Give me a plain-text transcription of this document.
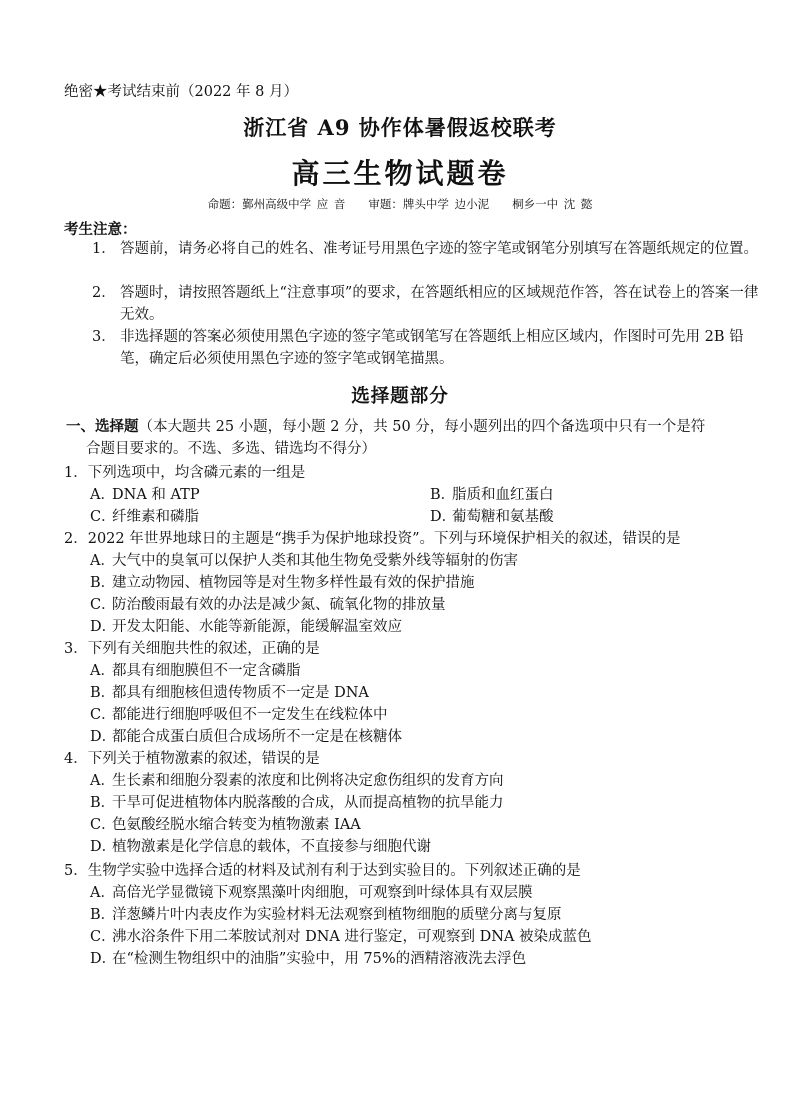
绝密★考试结束前（2022 年 8 月）
浙江省 A9 协作体暑假返校联考
高三生物试题卷
命题：鄞州高级中学 应 音　　审题：牌头中学 边小泥　　桐乡一中 沈 懿
考生注意：
1． 答题前，请务必将自己的姓名、准考证号用黑色字迹的签字笔或钢笔分别填写在答题纸规定的位置。
2． 答题时，请按照答题纸上“注意事项”的要求，在答题纸相应的区域规范作答，答在试卷上的答案一律无效。
3． 非选择题的答案必须使用黑色字迹的签字笔或钢笔写在答题纸上相应区域内，作图时可先用 2B 铅笔，确定后必须使用黑色字迹的签字笔或钢笔描黑。
选择题部分
一、选择题（本大题共 25 小题，每小题 2 分，共 50 分，每小题列出的四个备选项中只有一个是符
合题目要求的。不选、多选、错选均不得分）
1．下列选项中，均含磷元素的一组是
A．DNA 和 ATP	B．脂质和血红蛋白
C．纤维素和磷脂	D．葡萄糖和氨基酸
2．2022 年世界地球日的主题是“携手为保护地球投资”。下列与环境保护相关的叙述，错误的是
A．大气中的臭氧可以保护人类和其他生物免受紫外线等辐射的伤害
B．建立动物园、植物园等是对生物多样性最有效的保护措施
C．防治酸雨最有效的办法是减少氮、硫氧化物的排放量
D．开发太阳能、水能等新能源，能缓解温室效应
3．下列有关细胞共性的叙述，正确的是
A．都具有细胞膜但不一定含磷脂
B．都具有细胞核但遗传物质不一定是 DNA
C．都能进行细胞呼吸但不一定发生在线粒体中
D．都能合成蛋白质但合成场所不一定是在核糖体
4．下列关于植物激素的叙述，错误的是
A．生长素和细胞分裂素的浓度和比例将决定愈伤组织的发育方向
B．干旱可促进植物体内脱落酸的合成，从而提高植物的抗旱能力
C．色氨酸经脱水缩合转变为植物激素 IAA
D．植物激素是化学信息的载体，不直接参与细胞代谢
5．生物学实验中选择合适的材料及试剂有利于达到实验目的。下列叙述正确的是
A．高倍光学显微镜下观察黑藻叶肉细胞，可观察到叶绿体具有双层膜
B．洋葱鳞片叶内表皮作为实验材料无法观察到植物细胞的质壁分离与复原
C．沸水浴条件下用二苯胺试剂对 DNA 进行鉴定，可观察到 DNA 被染成蓝色
D．在“检测生物组织中的油脂”实验中，用 75%的酒精溶液洗去浮色
